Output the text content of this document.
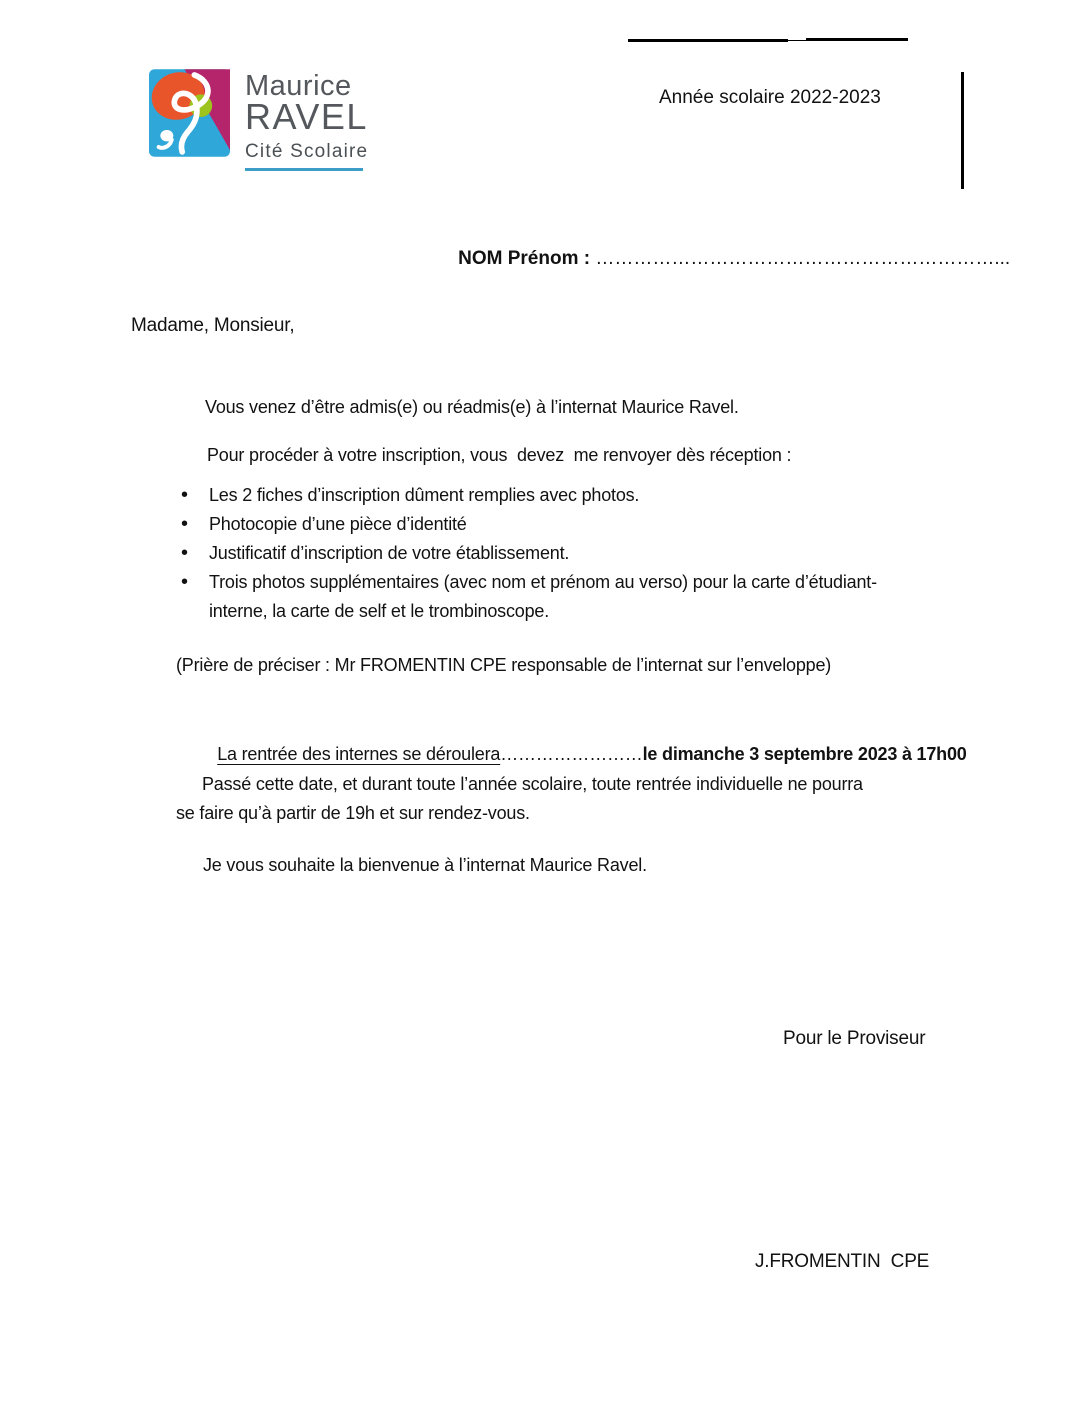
Maurice
RAVEL
Cité Scolaire
Année scolaire 2022-2023

NOM Prénom : ………………………………………………………...

Madame, Monsieur,
Vous venez d’être admis(e) ou réadmis(e) à l’internat Maurice Ravel.
Pour procéder à votre inscription, vous  devez  me renvoyer dès réception :
• Les 2 fiches d’inscription dûment remplies avec photos.
• Photocopie d’une pièce d’identité
• Justificatif d’inscription de votre établissement.
• Trois photos supplémentaires (avec nom et prénom au verso) pour la carte d’étudiant-interne, la carte de self et le trombinoscope.
(Prière de préciser : Mr FROMENTIN CPE responsable de l’internat sur l’enveloppe)

La rentrée des internes se déroulera……………………le dimanche 3 septembre 2023 à 17h00

Passé cette date, et durant toute l’année scolaire, toute rentrée individuelle ne pourra
se faire qu’à partir de 19h et sur rendez-vous.
Je vous souhaite la bienvenue à l’internat Maurice Ravel.
Pour le Proviseur
J.FROMENTIN  CPE
